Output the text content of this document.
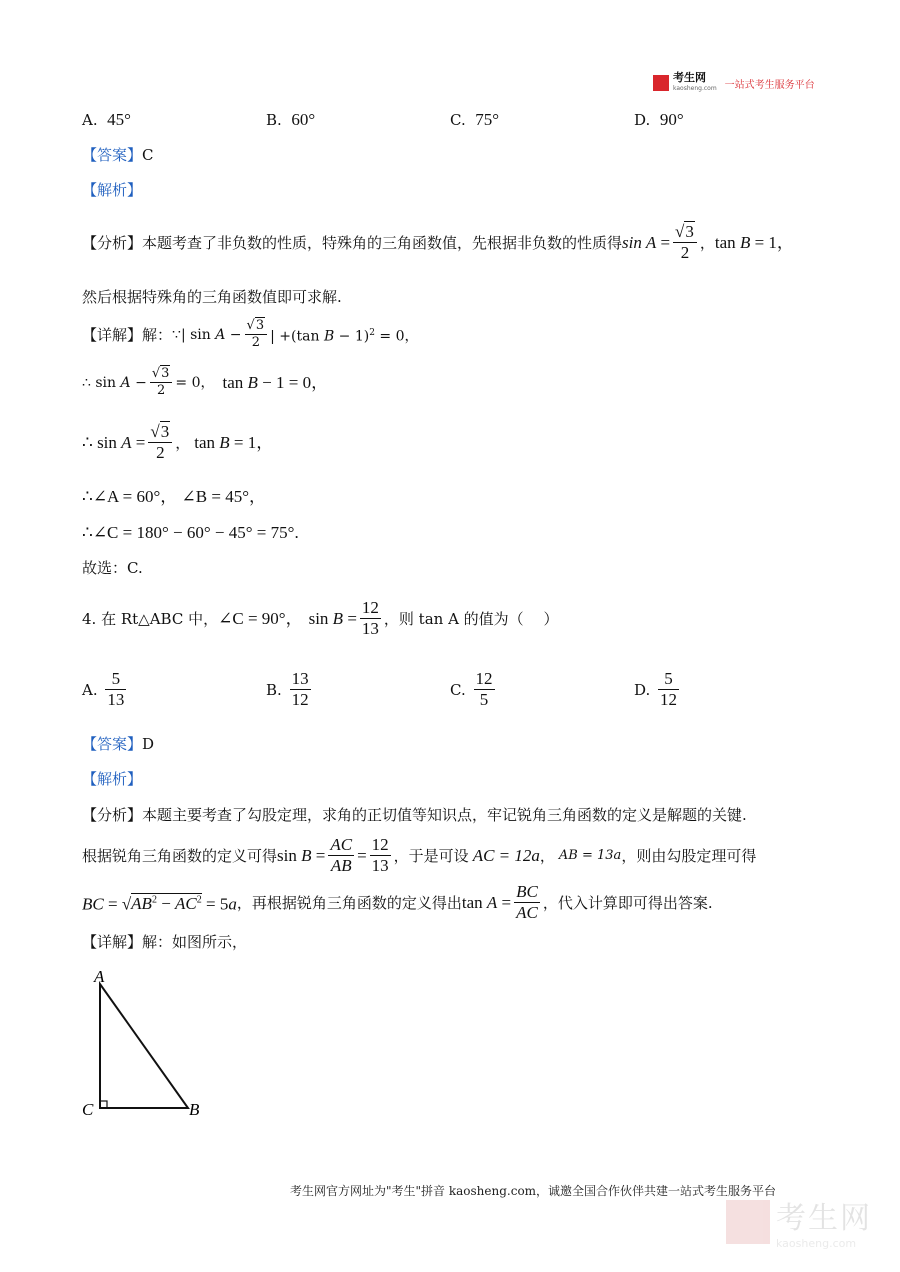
考生网
kaosheng.com 一站式考生服务平台
A. 45°	B. 60°	C. 75°	D. 90°
【答案】C
【解析】
【分析】 本题考查了非负数的性质，特殊角的三角函数值，先根据非负数的性质得 $\sin A = \frac{√3}{2}$ ， tan B = 1，
然后根据特殊角的三角函数值即可求解.
【详解】 解： ∵| $\sin A - \frac{√3}{2}$ | +(tan B − 1)$^2$ = 0，
∴ $\sin A - \frac{√3}{2} = 0$， tan B − 1 = 0，
∴ $\sin A = \frac{√3}{2}$ ， tan B = 1，
∴∠A = 60°， ∠B = 45°，
∴∠C = 180° − 60° − 45° = 75°.
故选：C.
4.
在 Rt△ABC 中， ∠C = 90°， $\sin B = \frac{12}{13}$ ，则 tan A 的值为（　 ）
A.
$\frac{5}{13}$	B.
$\frac{13}{12}$	C.
$\frac{12}{5}$	D.
$\frac{5}{12}$
【答案】D
【解析】
【分析】本题主要考查了勾股定理，求角的正切值等知识点，牢记锐角三角函数的定义是解题的关键.
根据锐角三角函数的定义可得 $\sin B = \frac{AC}{AB} = \frac{12}{13}$ ，于是可设 AC = 12a ， AB = 13a ，则由勾股定理可得
BC = $√AB^2 - AC^2 = 5a$ ，再根据锐角三角函数的定义得出 $\tan A = \frac{BC}{AC}$ ，代入计算即可得出答案.
【详解】解：如图所示，
A
C	B
考生网官方网址为"考生"拼音 kaosheng.com，诚邀全国合作伙伴共建一站式考生服务平台
考生网
kaosheng.com
